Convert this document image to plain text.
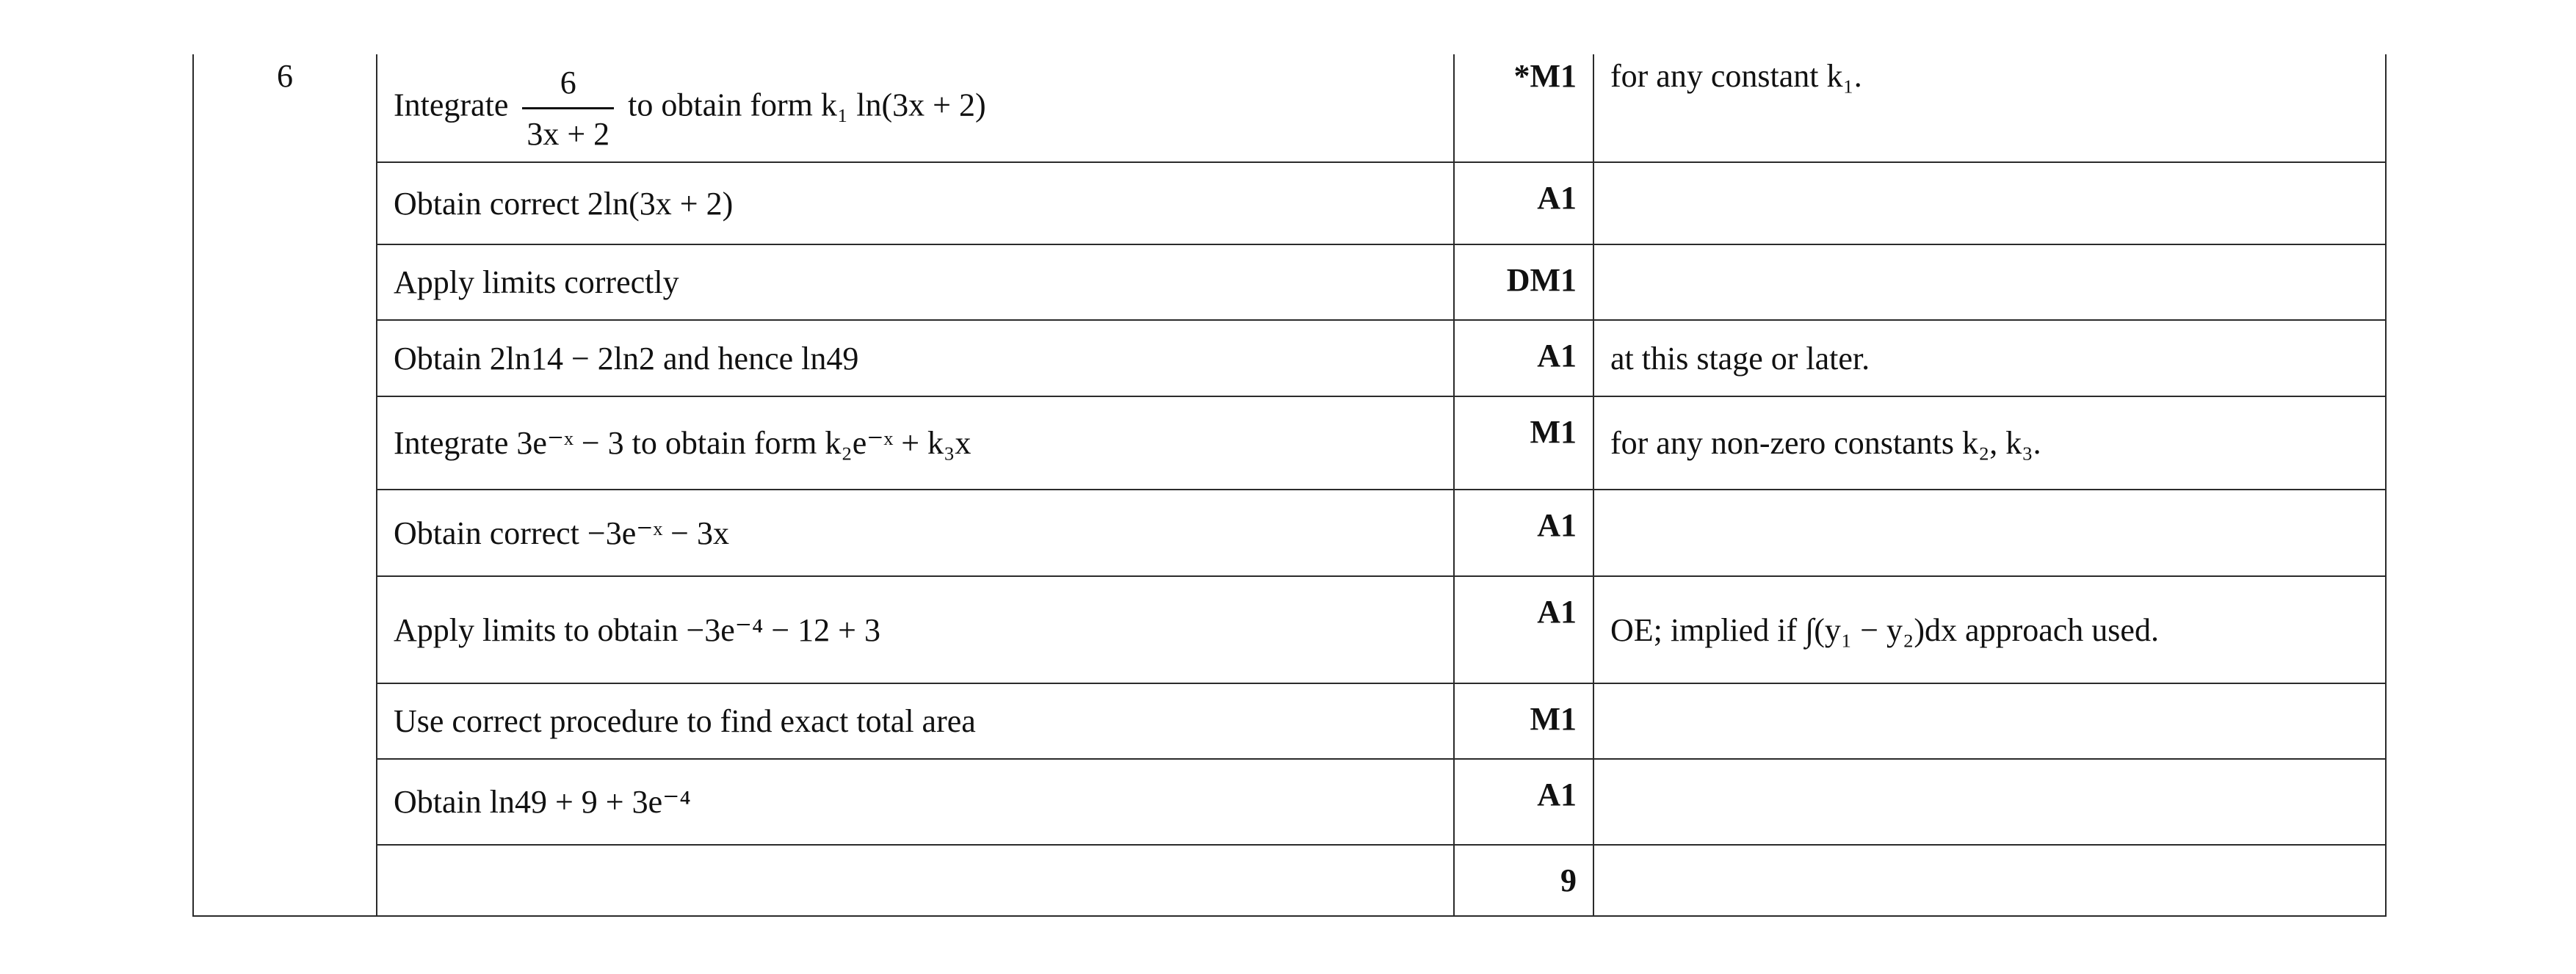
6	Integrate $\frac{6}{3x + 2}$ to obtain form k₁ ln(3x + 2)	*M1	for any constant k₁.
	Obtain correct 2ln(3x + 2)	A1	
	Apply limits correctly	DM1	
	Obtain 2ln14 − 2ln2 and hence ln49	A1	at this stage or later.
	Integrate 3e⁻ˣ − 3 to obtain form k₂e⁻ˣ + k₃x	M1	for any non-zero constants k₂, k₃.
	Obtain correct −3e⁻ˣ − 3x	A1	
	Apply limits to obtain −3e⁻⁴ − 12 + 3	A1	OE; implied if ∫(y₁ − y₂)dx approach used.
	Use correct procedure to find exact total area	M1	
	Obtain ln49 + 9 + 3e⁻⁴	A1	
		9	
